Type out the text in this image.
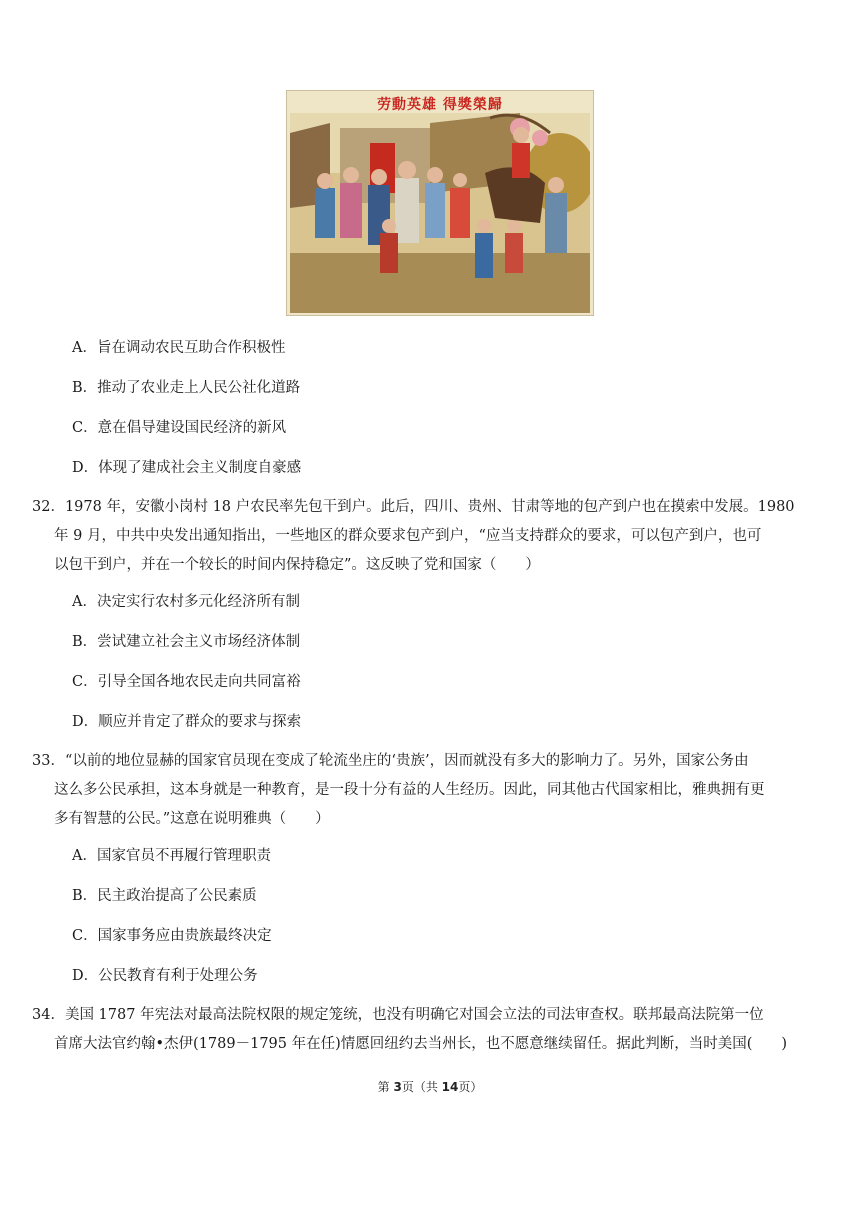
劳動英雄 得獎榮歸
A．旨在调动农民互助合作积极性
B．推动了农业走上人民公社化道路
C．意在倡导建设国民经济的新风
D．体现了建成社会主义制度自豪感

32．1978 年，安徽小岗村 18 户农民率先包干到户。此后，四川、贵州、甘肃等地的包产到户也在摸索中发展。1980

年 9 月，中共中央发出通知指出，一些地区的群众要求包产到户，“应当支持群众的要求，可以包产到户，也可

以包干到户，并在一个较长的时间内保持稳定”。这反映了党和国家（　　）

A．决定实行农村多元化经济所有制
B．尝试建立社会主义市场经济体制
C．引导全国各地农民走向共同富裕
D．顺应并肯定了群众的要求与探索

33．“以前的地位显赫的国家官员现在变成了轮流坐庄的‘贵族’，因而就没有多大的影响力了。另外，国家公务由

这么多公民承担，这本身就是一种教育，是一段十分有益的人生经历。因此，同其他古代国家相比，雅典拥有更

多有智慧的公民。”这意在说明雅典（　　）

A．国家官员不再履行管理职责
B．民主政治提高了公民素质
C．国家事务应由贵族最终决定
D．公民教育有利于处理公务

34．美国 1787 年宪法对最高法院权限的规定笼统，也没有明确它对国会立法的司法审查权。联邦最高法院第一位

首席大法官约翰•杰伊(1789－1795 年在任)情愿回纽约去当州长，也不愿意继续留任。据此判断，当时美国(　　)

第 3页（共 14页）
